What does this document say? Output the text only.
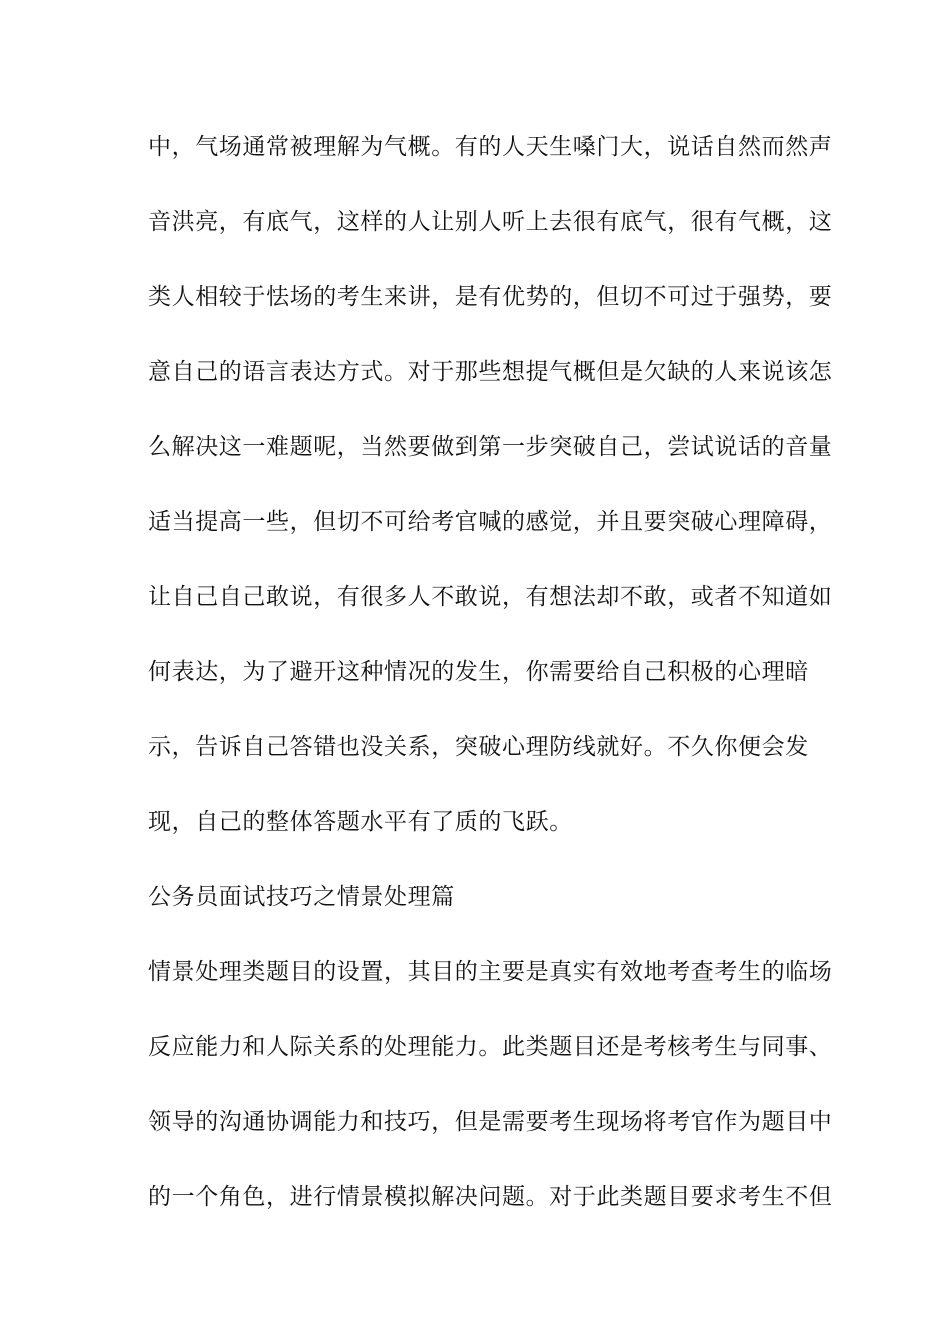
中，气场通常被理解为气概。有的人天生嗓门大，说话自然而然声
音洪亮，有底气，这样的人让别人听上去很有底气，很有气概，这
类人相较于怯场的考生来讲，是有优势的，但切不可过于强势，要
意自己的语言表达方式。对于那些想提气概但是欠缺的人来说该怎
么解决这一难题呢，当然要做到第一步突破自己，尝试说话的音量
适当提高一些，但切不可给考官喊的感觉，并且要突破心理障碍，
让自己自己敢说，有很多人不敢说，有想法却不敢，或者不知道如
何表达，为了避开这种情况的发生，你需要给自己积极的心理暗
示，告诉自己答错也没关系，突破心理防线就好。不久你便会发
现，自己的整体答题水平有了质的飞跃。
公务员面试技巧之情景处理篇
情景处理类题目的设置，其目的主要是真实有效地考查考生的临场
反应能力和人际关系的处理能力。此类题目还是考核考生与同事、
领导的沟通协调能力和技巧，但是需要考生现场将考官作为题目中
的一个角色，进行情景模拟解决问题。对于此类题目要求考生不但
